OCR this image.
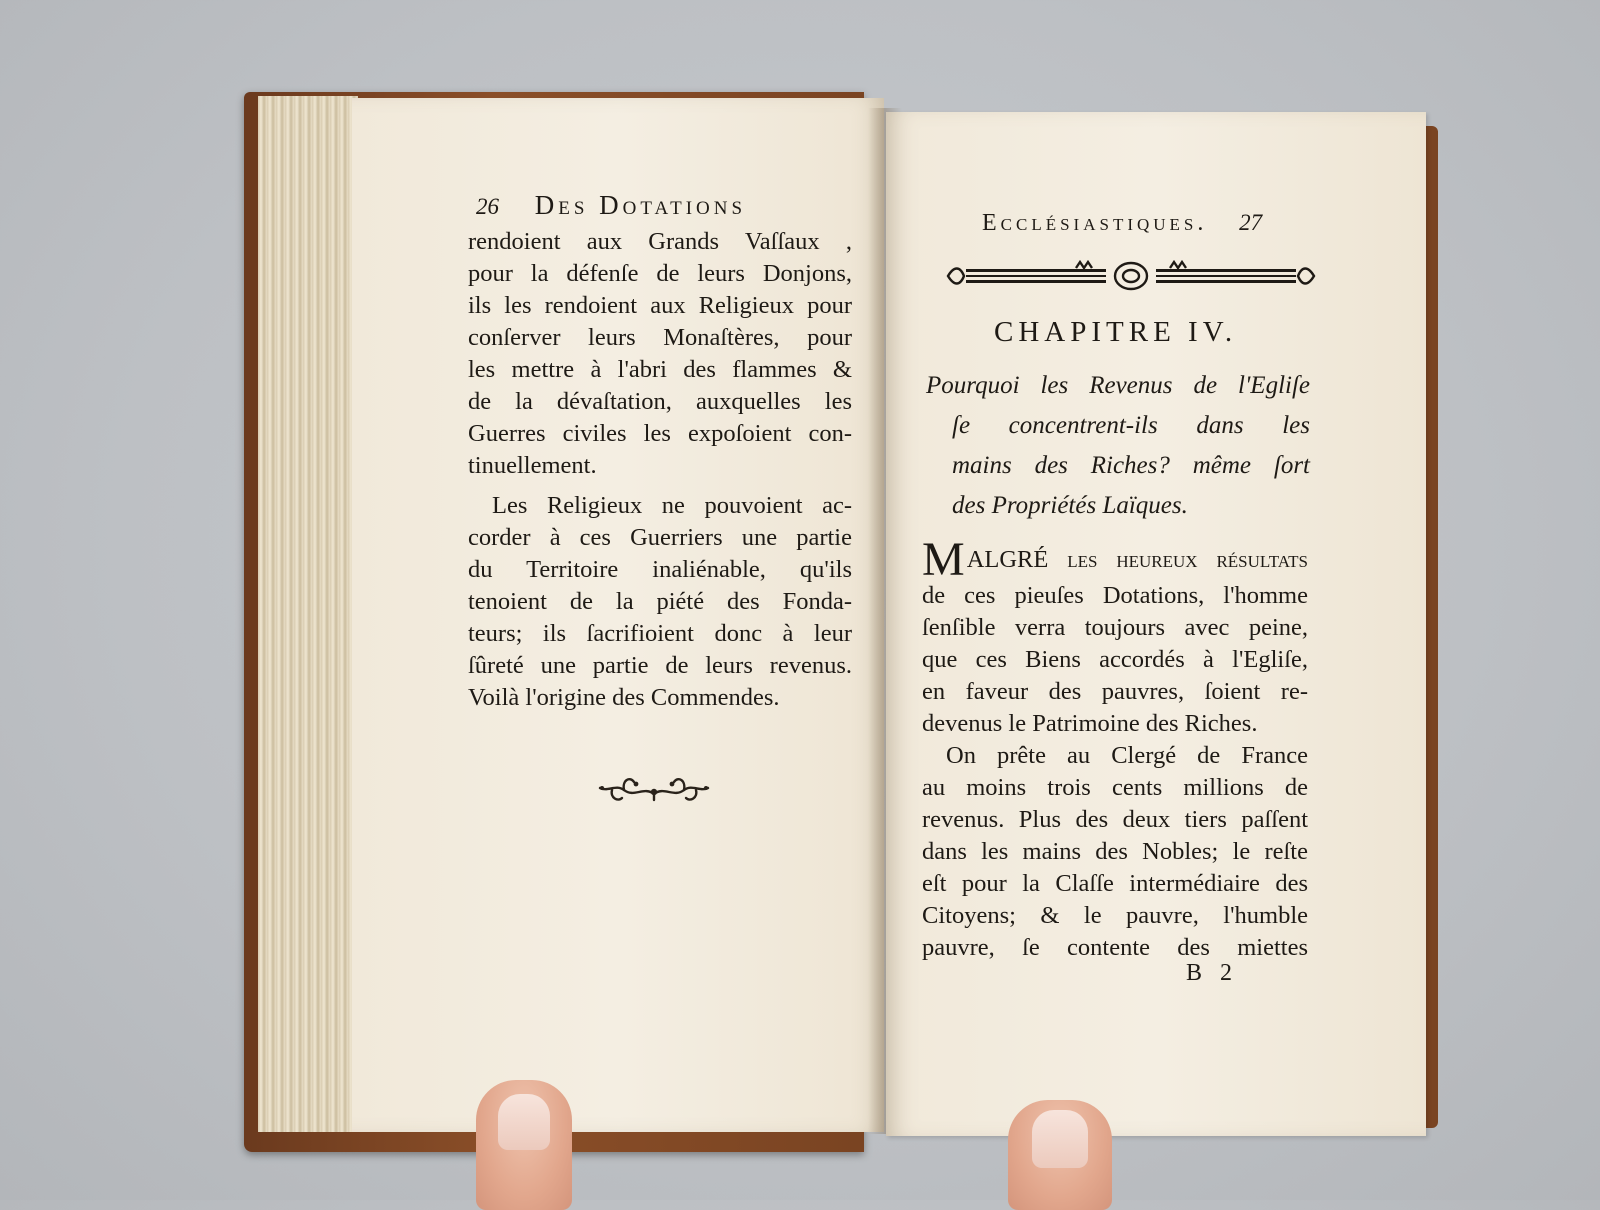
26 Des Dotations
rendoient aux Grands Vaſſaux ,
pour la défenſe de leurs Donjons,
ils les rendoient aux Religieux pour
conſerver leurs Monaſtères, pour
les mettre à l'abri des flammes &
de la dévaſtation, auxquelles les
Guerres civiles les expoſoient con-
tinuellement.
Les Religieux ne pouvoient ac-
corder à ces Guerriers une partie
du Territoire inaliénable, qu'ils
tenoient de la piété des Fonda-
teurs; ils ſacrifioient donc à leur
ſûreté une partie de leurs revenus.
Voilà l'origine des Commendes.
Ecclésiastiques. 27
CHAPITRE IV.
Pourquoi les Revenus de l'Egliſe
ſe concentrent-ils dans les
mains des Riches? même ſort
des Propriétés Laïques.
M ALGRÉ les heureux réſultats
de ces pieuſes Dotations, l'homme
ſenſible verra toujours avec peine,
que ces Biens accordés à l'Egliſe,
en faveur des pauvres, ſoient re-
devenus le Patrimoine des Riches.
On prête au Clergé de France
au moins trois cents millions de
revenus. Plus des deux tiers paſſent
dans les mains des Nobles; le reſte
eſt pour la Claſſe intermédiaire des
Citoyens; & le pauvre, l'humble
pauvre, ſe contente des miettes
B 2
